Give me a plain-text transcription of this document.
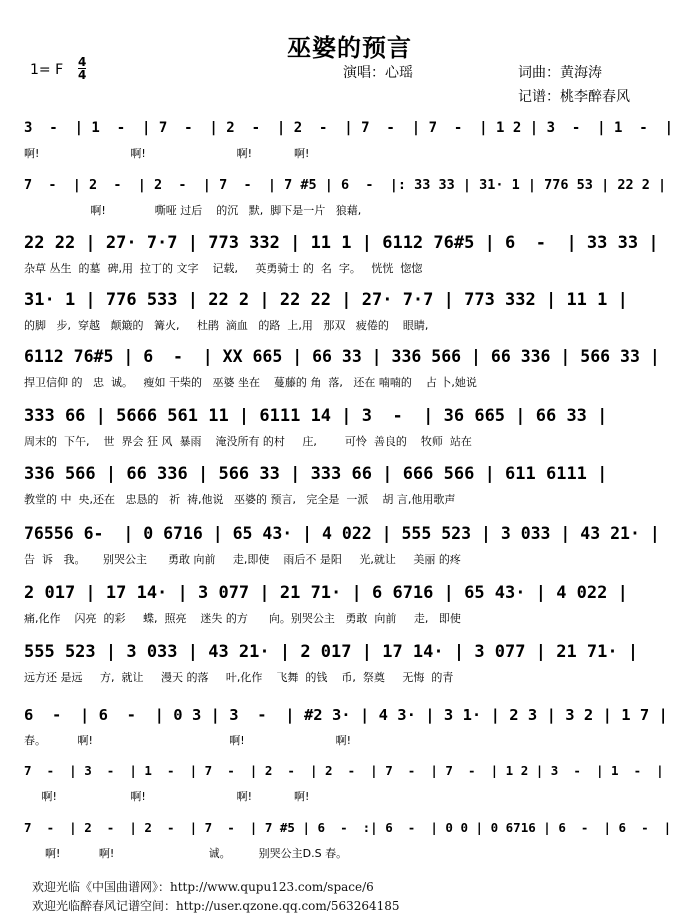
巫婆的预言
1= F $\frac{4}{4}$	演唱：心瑶	词曲：黄海涛
记谱：桃李醉春风
3  -  | 1  -  | 7  -  | 2  -  | 2  -  | 7  -  | 7  -  | 1 2 | 3  -  | 1  -  |
啊!                          啊!                          啊!            啊!
7  -  | 2  -  | 2  -  | 7  -  | 7 #5 | 6  -  |: 33 33 | 31· 1 | 776 53 | 22 2 |
啊!              嘶哑 过后    的沉   默,  脚下是一片   狼藉,
22 22 | 27· 7·7 | 773 332 | 11 1 | 6112 76#5 | 6  -  | 33 33 |
杂草 丛生  的墓  碑,用  拉丁的 文字    记载,     英勇骑士 的  名  字。   恍恍  惚惚
31· 1 | 776 533 | 22 2 | 22 22 | 27· 7·7 | 773 332 | 11 1 |
的脚   步,  穿越   颠簸的   篝火,     杜鹃  滴血   的路  上,用   那双   疲倦的    眼睛,
6112 76#5 | 6  -  | XX 665 | 66 33 | 336 566 | 66 336 | 566 33 |
捍卫信仰 的   忠  诚。   瘦如 干柴的   巫婆 坐在    蔓藤的 角  落,   还在 喃喃的    占 卜,她说
333 66 | 5666 561 11 | 6111 14 | 3  -  | 36 665 | 66 33 |
周末的  下午,    世  界会 狂 风  暴雨    淹没所有 的村     庄,        可怜  善良的    牧师  站在
336 566 | 66 336 | 566 33 | 333 66 | 666 566 | 611 6111 |
教堂的 中  央,还在   忠恳的   祈  祷,他说   巫婆的 预言,   完全是  一派    胡 言,他用歌声
76556 6-  | 0 6716 | 65 43· | 4 022 | 555 523 | 3 033 | 43 21· |
告  诉   我。     别哭公主      勇敢 向前     走,即使    雨后不 是阳     光,就让     美丽 的疼
2 017 | 17 14· | 3 077 | 21 71· | 6 6716 | 65 43· | 4 022 |
痛,化作    闪亮  的彩     蝶,  照亮    迷失 的方      向。别哭公主   勇敢  向前     走,   即使
555 523 | 3 033 | 43 21· | 2 017 | 17 14· | 3 077 | 21 71· |
远方还 是远     方,  就让     漫天 的落     叶,化作    飞舞  的钱    币,  祭奠     无悔  的青
6  -  | 6  -  | 0 3 | 3  -  | #2 3· | 4 3· | 3 1· | 2 3 | 3 2 | 1 7 |
春。         啊!                                       啊!                          啊!
7  -  | 3  -  | 1  -  | 7  -  | 2  -  | 2  -  | 7  -  | 7  -  | 1 2 | 3  -  | 1  -  |
啊!                     啊!                          啊!            啊!
7  -  | 2  -  | 2  -  | 7  -  | 7 #5 | 6  -  :| 6  -  | 0 0 | 0 6716 | 6  -  | 6  -  |
啊!           啊!                           诚。        别哭公主D.S 春。
欢迎光临《中国曲谱网》：http://www.qupu123.com/space/6
欢迎光临醉春风记谱空间：http://user.qzone.qq.com/563264185
